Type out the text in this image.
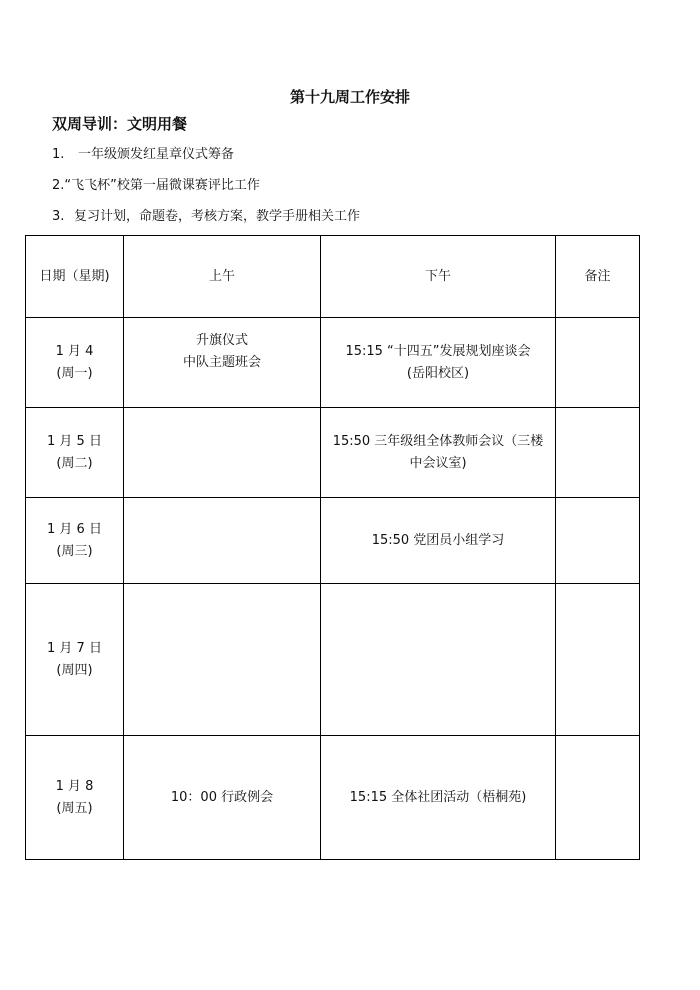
第十九周工作安排
双周导训：文明用餐
1. 一年级颁发红星章仪式筹备
2.“飞飞杯”校第一届微课赛评比工作
3. 复习计划，命题卷，考核方案，教学手册相关工作
日期（星期)	上午	下午	备注

1 月 4
(周一)	升旗仪式
中队主题班会	15:15 “十四五”发展规划座谈会
(岳阳校区)	

1 月 5 日
(周二)		15:50 三年级组全体教师会议（三楼
中会议室)	

1 月 6 日
(周三)		15:50 党团员小组学习	

1 月 7 日
(周四)			

1 月 8
(周五)	10：00 行政例会	15:15 全体社团活动（梧桐苑)	
